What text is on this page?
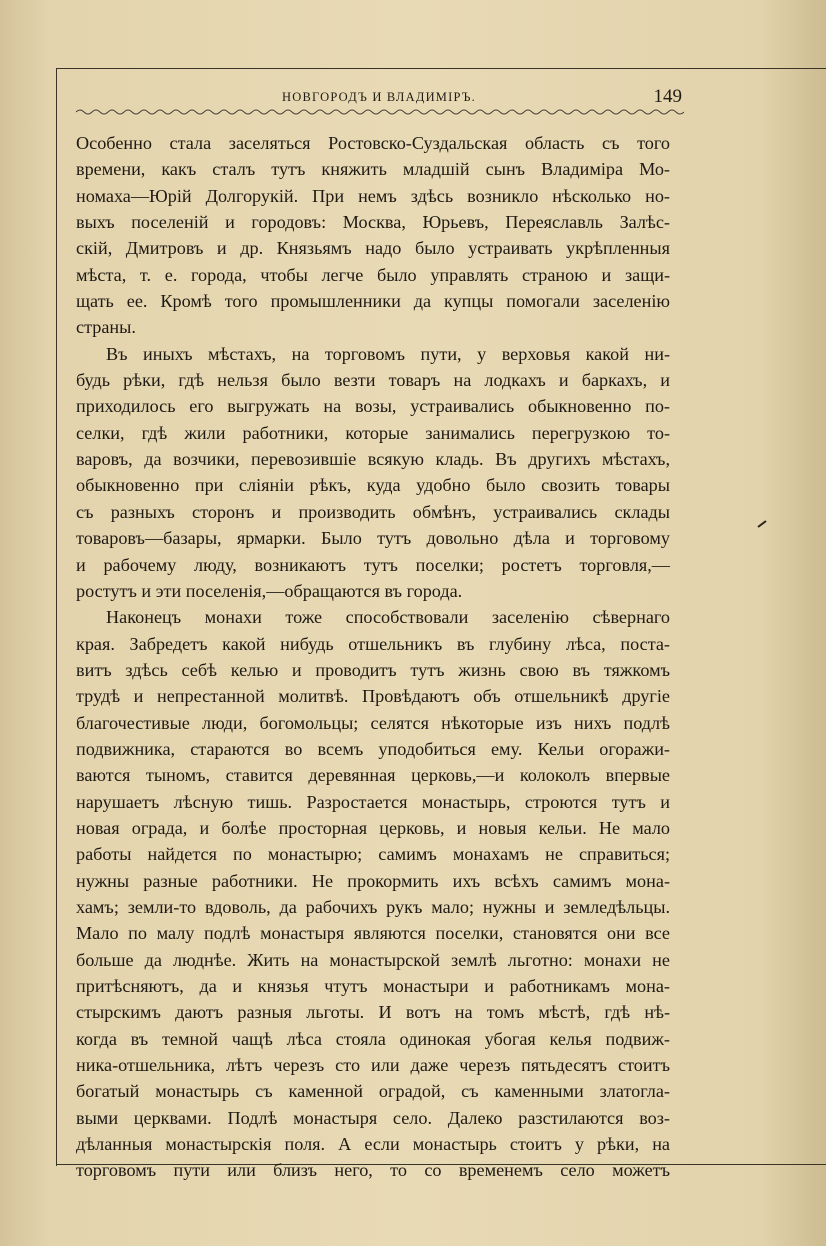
НОВГОРОДЪ И ВЛАДИМІРЪ.	149
Особенно стала заселяться Ростовско-Суздальская область съ того
времени, какъ сталъ тутъ княжить младшій сынъ Владиміра Мо-
номаха—Юрій Долгорукій. При немъ здѣсь возникло нѣсколько но-
выхъ поселеній и городовъ: Москва, Юрьевъ, Переяславль Залѣс-
скій, Дмитровъ и др. Князьямъ надо было устраивать укрѣпленныя
мѣста, т. е. города, чтобы легче было управлять страною и защи-
щать ее. Кромѣ того промышленники да купцы помогали заселенію
страны.
Въ иныхъ мѣстахъ, на торговомъ пути, у верховья какой ни-
будь рѣки, гдѣ нельзя было везти товаръ на лодкахъ и баркахъ, и
приходилось его выгружать на возы, устраивались обыкновенно по-
селки, гдѣ жили работники, которые занимались перегрузкою то-
варовъ, да возчики, перевозившіе всякую кладь. Въ другихъ мѣстахъ,
обыкновенно при сліяніи рѣкъ, куда удобно было свозить товары
съ разныхъ сторонъ и производить обмѣнъ, устраивались склады
товаровъ—базары, ярмарки. Было тутъ довольно дѣла и торговому
и рабочему люду, возникаютъ тутъ поселки; ростетъ торговля,—
ростутъ и эти поселенія,—обращаются въ города.
Наконецъ монахи тоже способствовали заселенію сѣвернаго
края. Забредетъ какой нибудь отшельникъ въ глубину лѣса, поста-
витъ здѣсь себѣ келью и проводитъ тутъ жизнь свою въ тяжкомъ
трудѣ и непрестанной молитвѣ. Провѣдаютъ объ отшельникѣ другіе
благочестивые люди, богомольцы; селятся нѣкоторые изъ нихъ подлѣ
подвижника, стараются во всемъ уподобиться ему. Кельи огоражи-
ваются тыномъ, ставится деревянная церковь,—и колоколъ впервые
нарушаетъ лѣсную тишь. Разростается монастырь, строются тутъ и
новая ограда, и болѣе просторная церковь, и новыя кельи. Не мало
работы найдется по монастырю; самимъ монахамъ не справиться;
нужны разные работники. Не прокормить ихъ всѣхъ самимъ мона-
хамъ; земли-то вдоволь, да рабочихъ рукъ мало; нужны и земледѣльцы.
Мало по малу подлѣ монастыря являются поселки, становятся они все
больше да люднѣе. Жить на монастырской землѣ льготно: монахи не
притѣсняютъ, да и князья чтутъ монастыри и работникамъ мона-
стырскимъ даютъ разныя льготы. И вотъ на томъ мѣстѣ, гдѣ нѣ-
когда въ темной чащѣ лѣса стояла одинокая убогая келья подвиж-
ника-отшельника, лѣтъ черезъ сто или даже черезъ пятьдесятъ стоитъ
богатый монастырь съ каменной оградой, съ каменными златогла-
выми церквами. Подлѣ монастыря село. Далеко разстилаются воз-
дѣланныя монастырскія поля. А если монастырь стоитъ у рѣки, на
торговомъ пути или близъ него, то со временемъ село можетъ
